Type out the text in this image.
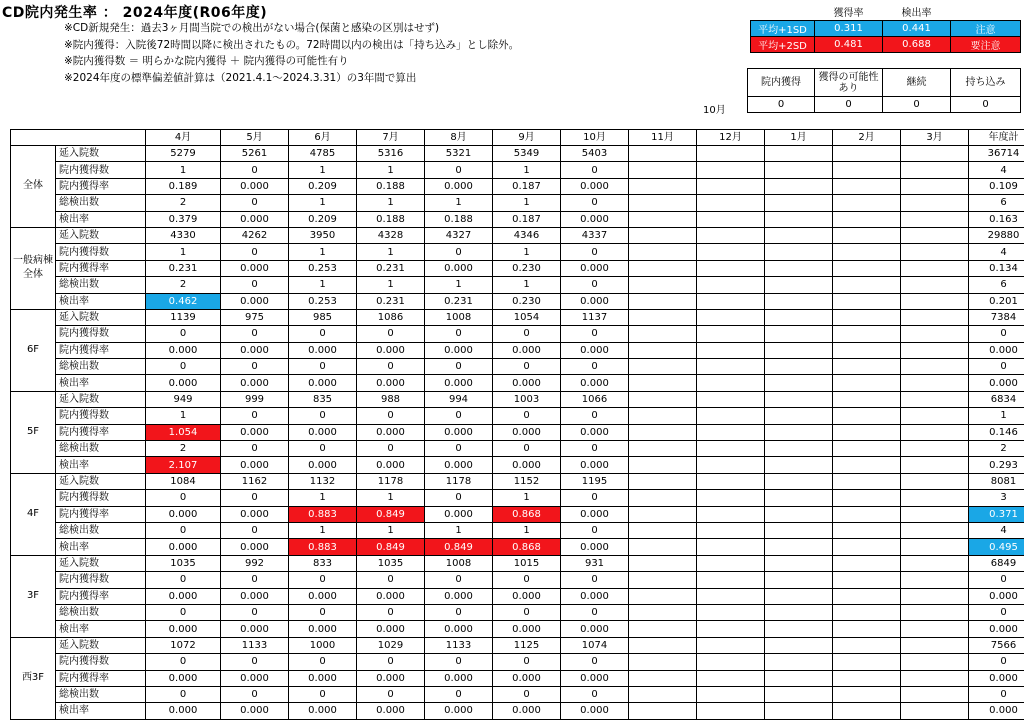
CD院内発生率 ： 2024年度(R06年度)
※CD新規発生：過去3ヶ月間当院での検出がない場合(保菌と感染の区別はせず)
※院内獲得：入院後72時間以降に検出されたもの。72時間以内の検出は「持ち込み」とし除外。
※院内獲得数 ＝ 明らかな院内獲得 ＋ 院内獲得の可能性有り
※2024年度の標準偏差値計算は（2021.4.1～2024.3.31）の3年間で算出
	獲得率	検出率	
平均+1SD	0.311	0.441	注意
平均+2SD	0.481	0.688	要注意
10月
院内獲得	獲得の可能性あり	継続	持ち込み
0	0	0	0
		4月	5月	6月	7月	8月	9月	10月	11月	12月	1月	2月	3月	年度計
全体	延入院数	5279	5261	4785	5316	5321	5349	5403						36714
	院内獲得数	1	0	1	1	0	1	0						4
	院内獲得率	0.189	0.000	0.209	0.188	0.000	0.187	0.000						0.109
	総検出数	2	0	1	1	1	1	0						6
	検出率	0.379	0.000	0.209	0.188	0.188	0.187	0.000						0.163
一般病棟全体	延入院数	4330	4262	3950	4328	4327	4346	4337						29880
	院内獲得数	1	0	1	1	0	1	0						4
	院内獲得率	0.231	0.000	0.253	0.231	0.000	0.230	0.000						0.134
	総検出数	2	0	1	1	1	1	0						6
	検出率	0.462	0.000	0.253	0.231	0.231	0.230	0.000						0.201
6F	延入院数	1139	975	985	1086	1008	1054	1137						7384
	院内獲得数	0	0	0	0	0	0	0						0
	院内獲得率	0.000	0.000	0.000	0.000	0.000	0.000	0.000						0.000
	総検出数	0	0	0	0	0	0	0						0
	検出率	0.000	0.000	0.000	0.000	0.000	0.000	0.000						0.000
5F	延入院数	949	999	835	988	994	1003	1066						6834
	院内獲得数	1	0	0	0	0	0	0						1
	院内獲得率	1.054	0.000	0.000	0.000	0.000	0.000	0.000						0.146
	総検出数	2	0	0	0	0	0	0						2
	検出率	2.107	0.000	0.000	0.000	0.000	0.000	0.000						0.293
4F	延入院数	1084	1162	1132	1178	1178	1152	1195						8081
	院内獲得数	0	0	1	1	0	1	0						3
	院内獲得率	0.000	0.000	0.883	0.849	0.000	0.868	0.000						0.371
	総検出数	0	0	1	1	1	1	0						4
	検出率	0.000	0.000	0.883	0.849	0.849	0.868	0.000						0.495
3F	延入院数	1035	992	833	1035	1008	1015	931						6849
	院内獲得数	0	0	0	0	0	0	0						0
	院内獲得率	0.000	0.000	0.000	0.000	0.000	0.000	0.000						0.000
	総検出数	0	0	0	0	0	0	0						0
	検出率	0.000	0.000	0.000	0.000	0.000	0.000	0.000						0.000
西3F	延入院数	1072	1133	1000	1029	1133	1125	1074						7566
	院内獲得数	0	0	0	0	0	0	0						0
	院内獲得率	0.000	0.000	0.000	0.000	0.000	0.000	0.000						0.000
	総検出数	0	0	0	0	0	0	0						0
	検出率	0.000	0.000	0.000	0.000	0.000	0.000	0.000						0.000
